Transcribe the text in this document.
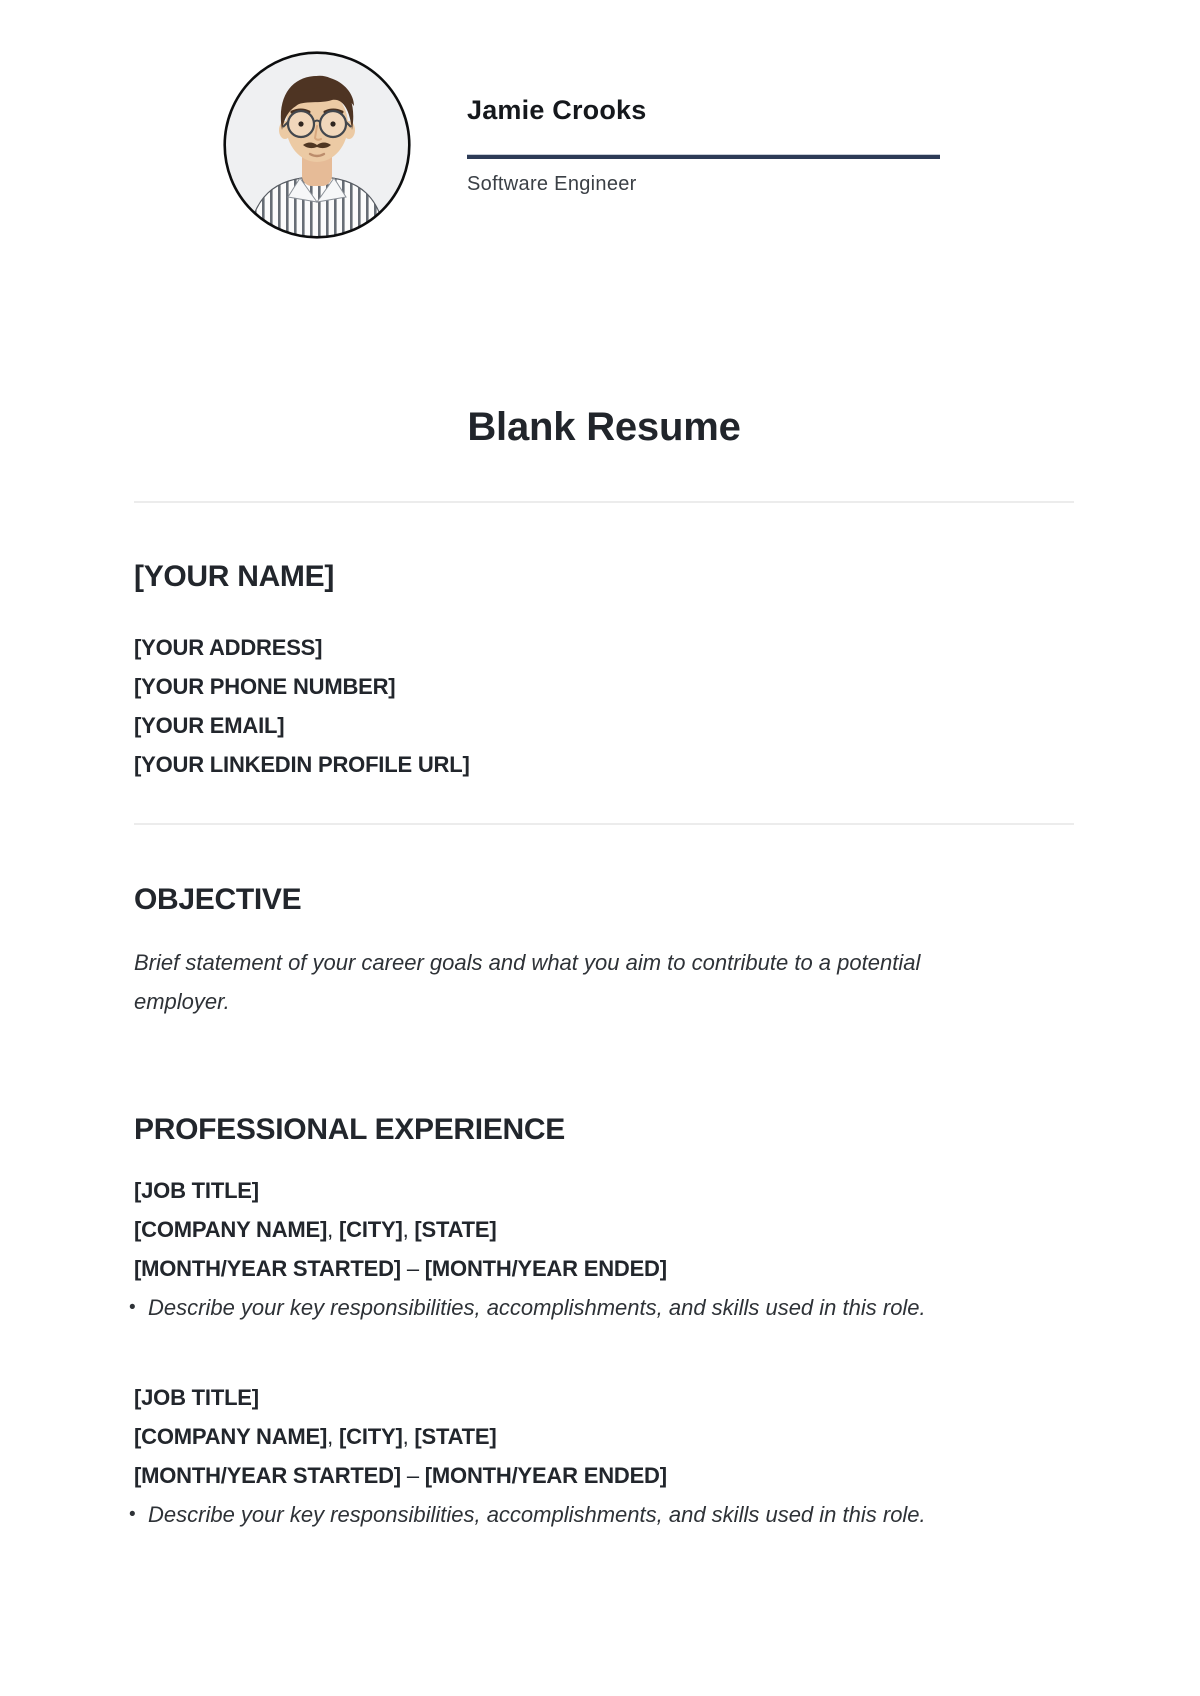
Jamie Crooks
Software Engineer
Blank Resume
[YOUR NAME]
[YOUR ADDRESS]
[YOUR PHONE NUMBER]
[YOUR EMAIL]
[YOUR LINKEDIN PROFILE URL]
OBJECTIVE

Brief statement of your career goals and what you aim to contribute to a potential employer.

PROFESSIONAL EXPERIENCE
[JOB TITLE]
[COMPANY NAME], [CITY], [STATE]
[MONTH/YEAR STARTED] – [MONTH/YEAR ENDED]
• Describe your key responsibilities, accomplishments, and skills used in this role.
[JOB TITLE]
[COMPANY NAME], [CITY], [STATE]
[MONTH/YEAR STARTED] – [MONTH/YEAR ENDED]
• Describe your key responsibilities, accomplishments, and skills used in this role.
